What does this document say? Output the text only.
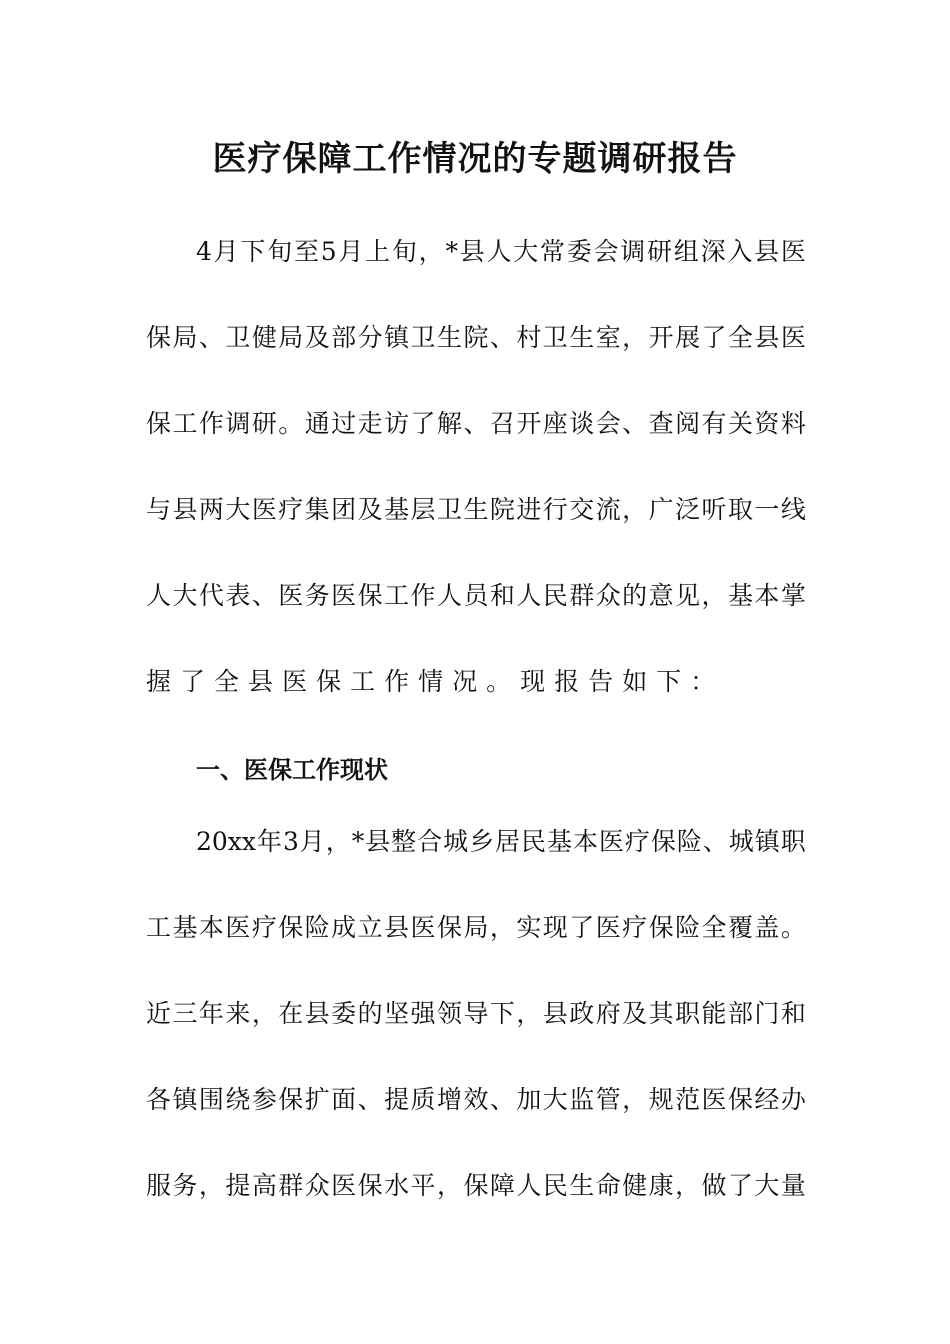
医疗保障工作情况的专题调研报告
4 月 下 旬 至 5 月 上 旬 ， * 县 人 大 常 委 会 调 研 组 深 入 县 医
保 局 、 卫 健 局 及 部 分 镇 卫 生 院 、 村 卫 生 室 ， 开 展 了 全 县 医
保 工 作 调 研 。 通 过 走 访 了 解 、 召 开 座 谈 会 、 查 阅 有 关 资 料
与 县 两 大 医 疗 集 团 及 基 层 卫 生 院 进 行 交 流 ， 广 泛 听 取 一 线
人 大 代 表 、 医 务 医 保 工 作 人 员 和 人 民 群 众 的 意 见 ， 基 本 掌
握 了 全 县 医 保 工 作 情 况 。 现 报 告 如 下 ：
一、医保工作现状
20xx 年 3 月 ， * 县 整 合 城 乡 居 民 基 本 医 疗 保 险 、 城 镇 职
工 基 本 医 疗 保 险 成 立 县 医 保 局 ， 实 现 了 医 疗 保 险 全 覆 盖 。
近 三 年 来 ， 在 县 委 的 坚 强 领 导 下 ， 县 政 府 及 其 职 能 部 门 和
各 镇 围 绕 参 保 扩 面 、 提 质 增 效 、 加 大 监 管 ， 规 范 医 保 经 办
服 务 ， 提 高 群 众 医 保 水 平 ， 保 障 人 民 生 命 健 康 ， 做 了 大 量
